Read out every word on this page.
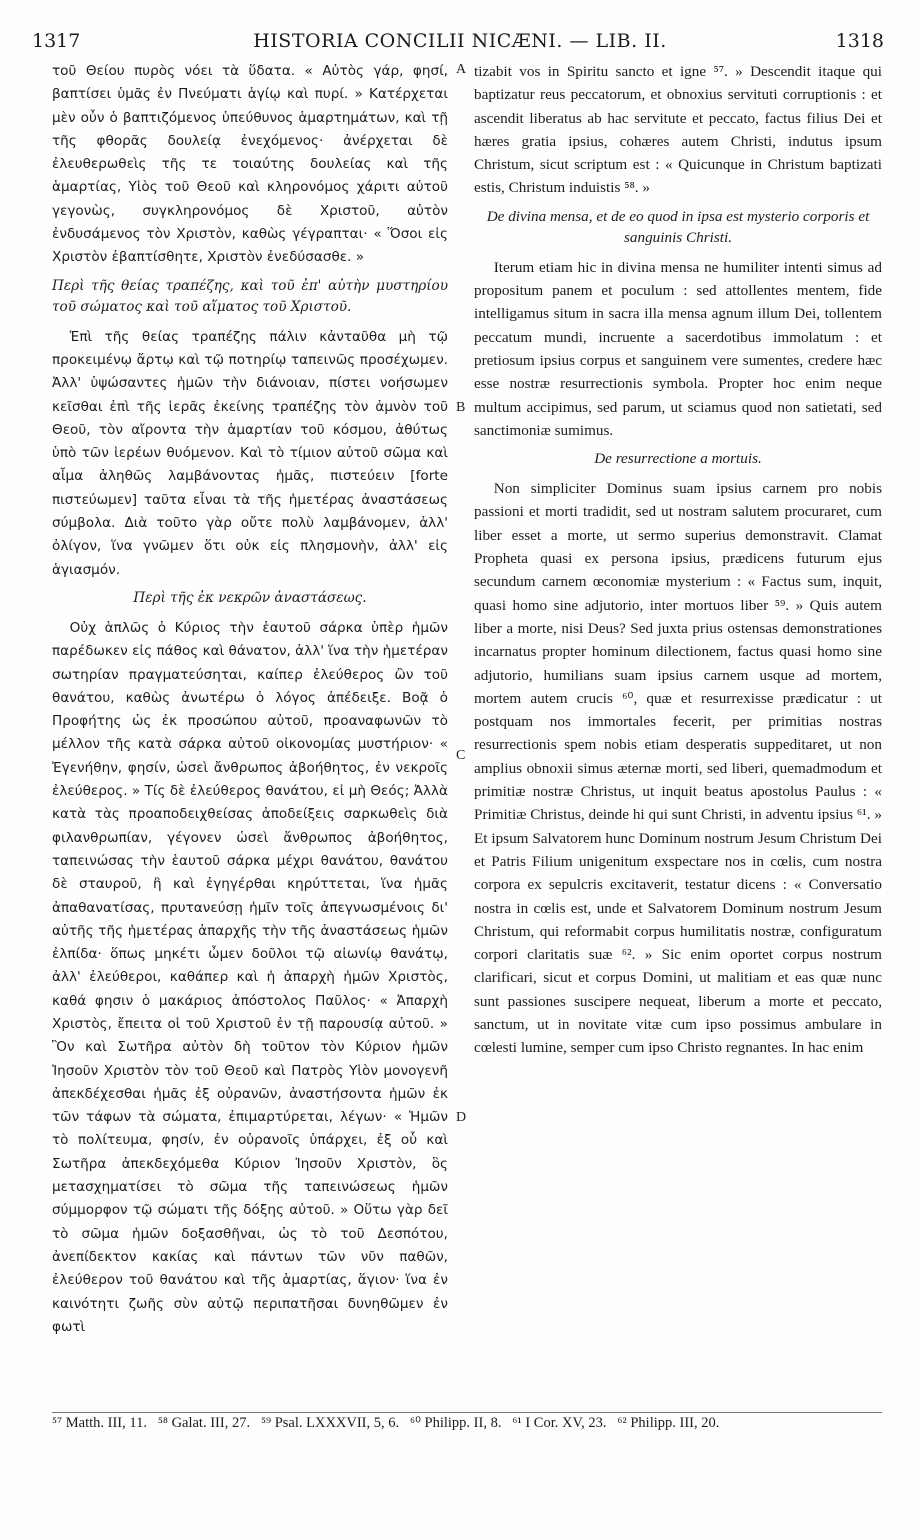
1317	HISTORIA CONCILII NICÆNI. — LIB. II.	1318
A
B
C
D

τοῦ Θείου πυρὸς νόει τὰ ὕδατα. « Αὐτὸς γάρ, φησί, βαπτίσει ὑμᾶς ἐν Πνεύματι ἁγίῳ καὶ πυρί. » Κατέρχεται μὲν οὖν ὁ βαπτιζόμενος ὑπεύθυνος ἁμαρτημάτων, καὶ τῇ τῆς φθορᾶς δουλείᾳ ἐνεχόμενος· ἀνέρχεται δὲ ἐλευθερωθεὶς τῆς τε τοιαύτης δουλείας καὶ τῆς ἁμαρτίας, Υἱὸς τοῦ Θεοῦ καὶ κληρονόμος χάριτι αὐτοῦ γεγονὼς, συγκληρονόμος δὲ Χριστοῦ, αὐτὸν ἐνδυσάμενος τὸν Χριστὸν, καθὼς γέγραπται· « Ὅσοι εἰς Χριστὸν ἐβαπτίσθητε, Χριστὸν ἐνεδύσασθε. »

Περὶ τῆς θείας τραπέζης, καὶ τοῦ ἐπ' αὐτὴν μυστηρίου τοῦ σώματος καὶ τοῦ αἵματος τοῦ Χριστοῦ.

Ἐπὶ τῆς θείας τραπέζης πάλιν κἀνταῦθα μὴ τῷ προκειμένῳ ἄρτῳ καὶ τῷ ποτηρίῳ ταπεινῶς προσέχωμεν. Ἀλλ' ὑψώσαντες ἡμῶν τὴν διάνοιαν, πίστει νοήσωμεν κεῖσθαι ἐπὶ τῆς ἱερᾶς ἐκείνης τραπέζης τὸν ἀμνὸν τοῦ Θεοῦ, τὸν αἴροντα τὴν ἁμαρτίαν τοῦ κόσμου, ἀθύτως ὑπὸ τῶν ἱερέων θυόμενον. Καὶ τὸ τίμιον αὐτοῦ σῶμα καὶ αἷμα ἀληθῶς λαμβάνοντας ἡμᾶς, πιστεύειν [forte πιστεύωμεν] ταῦτα εἶναι τὰ τῆς ἡμετέρας ἀναστάσεως σύμβολα. Διὰ τοῦτο γὰρ οὔτε πολὺ λαμβάνομεν, ἀλλ' ὀλίγον, ἵνα γνῶμεν ὅτι οὐκ εἰς πλησμονὴν, ἀλλ' εἰς ἁγιασμόν.

Περὶ τῆς ἐκ νεκρῶν ἀναστάσεως.

Οὐχ ἁπλῶς ὁ Κύριος τὴν ἑαυτοῦ σάρκα ὑπὲρ ἡμῶν παρέδωκεν εἰς πάθος καὶ θάνατον, ἀλλ' ἵνα τὴν ἡμετέραν σωτηρίαν πραγματεύσηται, καίπερ ἐλεύθερος ὢν τοῦ θανάτου, καθὼς ἀνωτέρω ὁ λόγος ἀπέδειξε. Βοᾷ ὁ Προφήτης ὡς ἐκ προσώπου αὐτοῦ, προαναφωνῶν τὸ μέλλον τῆς κατὰ σάρκα αὐτοῦ οἰκονομίας μυστήριον· « Ἐγενήθην, φησίν, ὡσεὶ ἄνθρωπος ἀβοήθητος, ἐν νεκροῖς ἐλεύθερος. » Τίς δὲ ἐλεύθερος θανάτου, εἰ μὴ Θεός; Ἀλλὰ κατὰ τὰς προαποδειχθείσας ἀποδείξεις σαρκωθεὶς διὰ φιλανθρωπίαν, γέγονεν ὡσεὶ ἄνθρωπος ἀβοήθητος, ταπεινώσας τὴν ἑαυτοῦ σάρκα μέχρι θανάτου, θανάτου δὲ σταυροῦ, ἢ καὶ ἐγηγέρθαι κηρύττεται, ἵνα ἡμᾶς ἀπαθανατίσας, πρυτανεύσῃ ἡμῖν τοῖς ἀπεγνωσμένοις δι' αὐτῆς τῆς ἡμετέρας ἀπαρχῆς τὴν τῆς ἀναστάσεως ἡμῶν ἐλπίδα· ὅπως μηκέτι ὦμεν δοῦλοι τῷ αἰωνίῳ θανάτῳ, ἀλλ' ἐλεύθεροι, καθάπερ καὶ ἡ ἀπαρχὴ ἡμῶν Χριστὸς, καθά φησιν ὁ μακάριος ἀπόστολος Παῦλος· « Ἀπαρχὴ Χριστὸς, ἔπειτα οἱ τοῦ Χριστοῦ ἐν τῇ παρουσίᾳ αὐτοῦ. » Ὃν καὶ Σωτῆρα αὐτὸν δὴ τοῦτον τὸν Κύριον ἡμῶν Ἰησοῦν Χριστὸν τὸν τοῦ Θεοῦ καὶ Πατρὸς Υἱὸν μονογενῆ ἀπεκδέχεσθαι ἡμᾶς ἐξ οὐρανῶν, ἀναστήσοντα ἡμῶν ἐκ τῶν τάφων τὰ σώματα, ἐπιμαρτύρεται, λέγων· « Ἡμῶν τὸ πολίτευμα, φησίν, ἐν οὐρανοῖς ὑπάρχει, ἐξ οὗ καὶ Σωτῆρα ἀπεκδεχόμεθα Κύριον Ἰησοῦν Χριστὸν, ὃς μετασχηματίσει τὸ σῶμα τῆς ταπεινώσεως ἡμῶν σύμμορφον τῷ σώματι τῆς δόξης αὐτοῦ. » Οὕτω γὰρ δεῖ τὸ σῶμα ἡμῶν δοξασθῆναι, ὡς τὸ τοῦ Δεσπότου, ἀνεπίδεκτον κακίας καὶ πάντων τῶν νῦν παθῶν, ἐλεύθερον τοῦ θανάτου καὶ τῆς ἁμαρτίας, ἅγιον· ἵνα ἐν καινότητι ζωῆς σὺν αὐτῷ περιπατῆσαι δυνηθῶμεν ἐν φωτὶ

tizabit vos in Spiritu sancto et igne ⁵⁷. » Descendit itaque qui baptizatur reus peccatorum, et obnoxius servituti corruptionis : et ascendit liberatus ab hac servitute et peccato, factus filius Dei et hæres gratia ipsius, cohæres autem Christi, indutus ipsum Christum, sicut scriptum est : « Quicunque in Christum baptizati estis, Christum induistis ⁵⁸. »

De divina mensa, et de eo quod in ipsa est mysterio corporis et sanguinis Christi.

Iterum etiam hic in divina mensa ne humiliter intenti simus ad propositum panem et poculum : sed attollentes mentem, fide intelligamus situm in sacra illa mensa agnum illum Dei, tollentem peccatum mundi, incruente a sacerdotibus immolatum : et pretiosum ipsius corpus et sanguinem vere sumentes, credere hæc esse nostræ resurrectionis symbola. Propter hoc enim neque multum accipimus, sed parum, ut sciamus quod non satietati, sed sanctimoniæ sumimus.

De resurrectione a mortuis.

Non simpliciter Dominus suam ipsius carnem pro nobis passioni et morti tradidit, sed ut nostram salutem procuraret, cum liber esset a morte, ut sermo superius demonstravit. Clamat Propheta quasi ex persona ipsius, prædicens futurum ejus secundum carnem œconomiæ mysterium : « Factus sum, inquit, quasi homo sine adjutorio, inter mortuos liber ⁵⁹. » Quis autem liber a morte, nisi Deus? Sed juxta prius ostensas demonstrationes incarnatus propter hominum dilectionem, factus quasi homo sine adjutorio, humilians suam ipsius carnem usque ad mortem, mortem autem crucis ⁶⁰, quæ et resurrexisse prædicatur : ut postquam nos immortales fecerit, per primitias nostras resurrectionis spem nobis etiam desperatis suppeditaret, ut non amplius obnoxii simus æternæ morti, sed liberi, quemadmodum et primitiæ nostræ Christus, ut inquit beatus apostolus Paulus : « Primitiæ Christus, deinde hi qui sunt Christi, in adventu ipsius ⁶¹. » Et ipsum Salvatorem hunc Dominum nostrum Jesum Christum Dei et Patris Filium unigenitum exspectare nos in cœlis, cum nostra corpora ex sepulcris excitaverit, testatur dicens : « Conversatio nostra in cœlis est, unde et Salvatorem Dominum nostrum Jesum Christum, qui reformabit corpus humilitatis nostræ, configuratum corpori claritatis suæ ⁶². » Sic enim oportet corpus nostrum clarificari, sicut et corpus Domini, ut malitiam et eas quæ nunc sunt passiones suscipere nequeat, liberum a morte et peccato, sanctum, ut in novitate vitæ cum ipso possimus ambulare in cœlesti lumine, semper cum ipso Christo regnantes. In hac enim

⁵⁷ Matth. III, 11. ⁵⁸ Galat. III, 27. ⁵⁹ Psal. LXXXVII, 5, 6. ⁶⁰ Philipp. II, 8. ⁶¹ I Cor. XV, 23. ⁶² Philipp. III, 20.
